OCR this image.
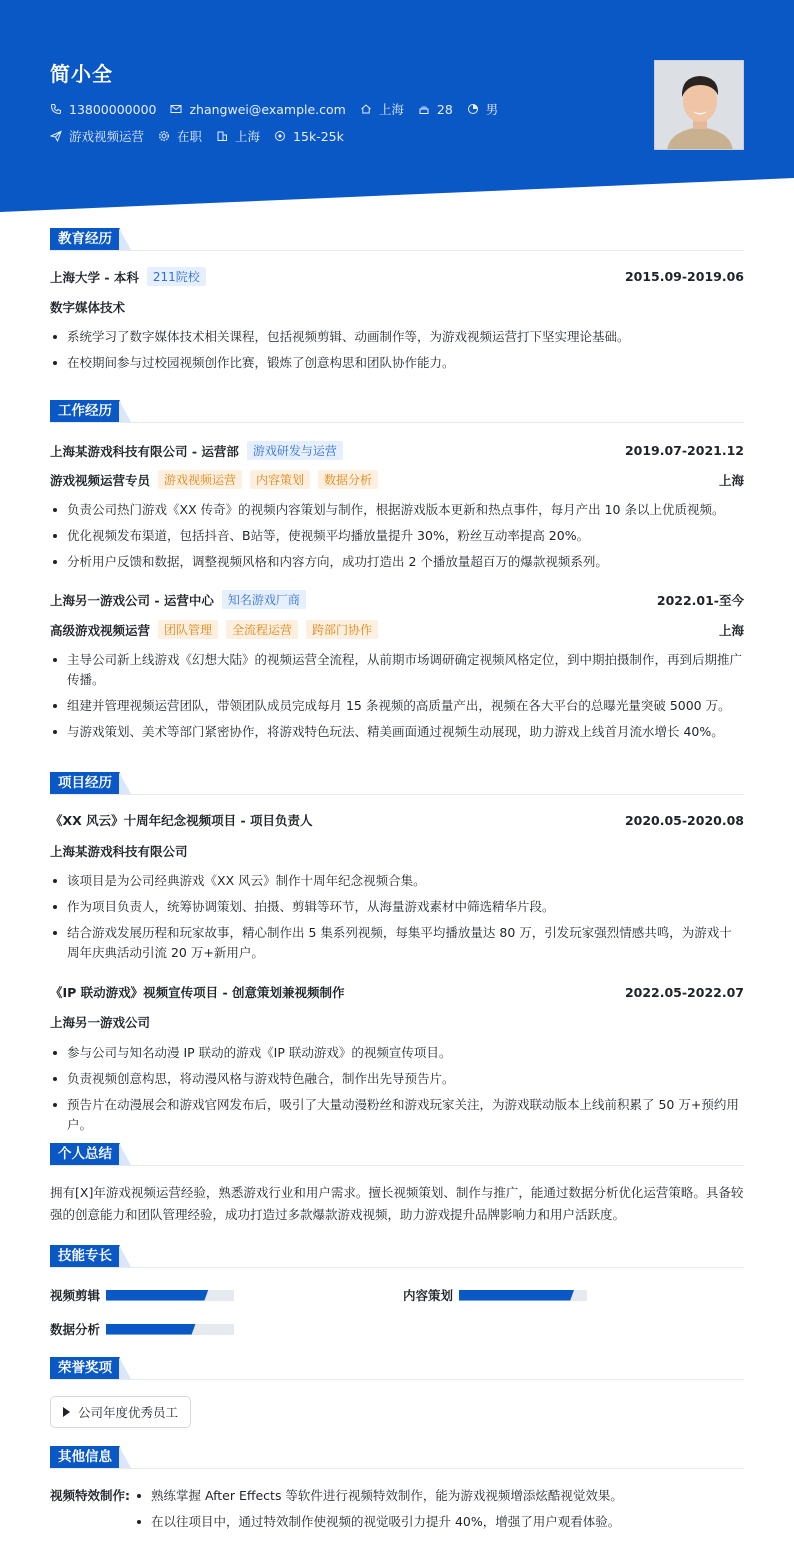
简小全
13800000000	zhangwei@example.com	上海	28	男
游戏视频运营	在职	上海	15k-25k
教育经历
上海大学 - 本科	211院校	2015.09-2019.06
数字媒体技术
系统学习了数字媒体技术相关课程，包括视频剪辑、动画制作等，为游戏视频运营打下坚实理论基础。
在校期间参与过校园视频创作比赛，锻炼了创意构思和团队协作能力。
工作经历
上海某游戏科技有限公司 - 运营部	游戏研发与运营	2019.07-2021.12
游戏视频运营专员	游戏视频运营	内容策划	数据分析	上海
负责公司热门游戏《XX 传奇》的视频内容策划与制作，根据游戏版本更新和热点事件，每月产出 10 条以上优质视频。
优化视频发布渠道，包括抖音、B站等，使视频平均播放量提升 30%，粉丝互动率提高 20%。
分析用户反馈和数据，调整视频风格和内容方向，成功打造出 2 个播放量超百万的爆款视频系列。
上海另一游戏公司 - 运营中心	知名游戏厂商	2022.01-至今
高级游戏视频运营	团队管理	全流程运营	跨部门协作	上海
主导公司新上线游戏《幻想大陆》的视频运营全流程，从前期市场调研确定视频风格定位，到中期拍摄制作，再到后期推广传播。
组建并管理视频运营团队，带领团队成员完成每月 15 条视频的高质量产出，视频在各大平台的总曝光量突破 5000 万。
与游戏策划、美术等部门紧密协作，将游戏特色玩法、精美画面通过视频生动展现，助力游戏上线首月流水增长 40%。
项目经历
《XX 风云》十周年纪念视频项目 - 项目负责人	2020.05-2020.08
上海某游戏科技有限公司
该项目是为公司经典游戏《XX 风云》制作十周年纪念视频合集。
作为项目负责人，统筹协调策划、拍摄、剪辑等环节，从海量游戏素材中筛选精华片段。
结合游戏发展历程和玩家故事，精心制作出 5 集系列视频，每集平均播放量达 80 万，引发玩家强烈情感共鸣，为游戏十周年庆典活动引流 20 万+新用户。
《IP 联动游戏》视频宣传项目 - 创意策划兼视频制作	2022.05-2022.07
上海另一游戏公司
参与公司与知名动漫 IP 联动的游戏《IP 联动游戏》的视频宣传项目。
负责视频创意构思，将动漫风格与游戏特色融合，制作出先导预告片。
预告片在动漫展会和游戏官网发布后，吸引了大量动漫粉丝和游戏玩家关注，为游戏联动版本上线前积累了 50 万+预约用户。
个人总结
拥有[X]年游戏视频运营经验，熟悉游戏行业和用户需求。擅长视频策划、制作与推广，能通过数据分析优化运营策略。具备较强的创意能力和团队管理经验，成功打造过多款爆款游戏视频，助力游戏提升品牌影响力和用户活跃度。
技能专长
视频剪辑	内容策划
数据分析
荣誉奖项
公司年度优秀员工
其他信息
视频特效制作:	熟练掌握 After Effects 等软件进行视频特效制作，能为游戏视频增添炫酷视觉效果。
在以往项目中，通过特效制作使视频的视觉吸引力提升 40%，增强了用户观看体验。
